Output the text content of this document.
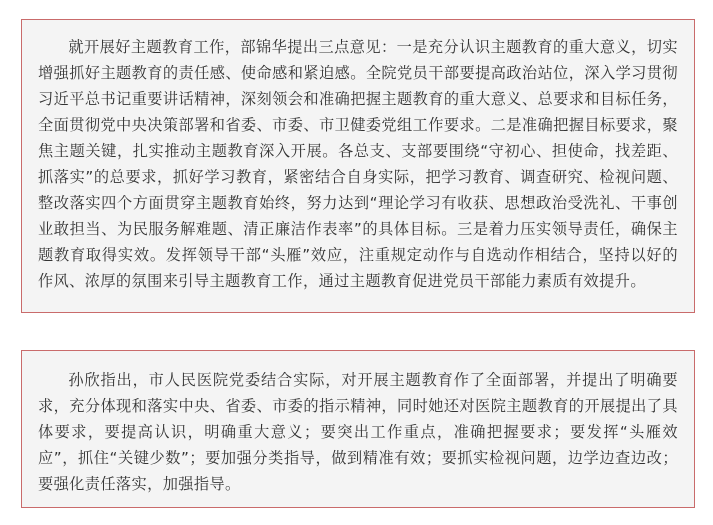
就开展好主题教育工作，部锦华提出三点意见：一是充分认识主题教育的重大意义，切实增强抓好主题教育的责任感、使命感和紧迫感。全院党员干部要提高政治站位，深入学习贯彻习近平总书记重要讲话精神，深刻领会和准确把握主题教育的重大意义、总要求和目标任务，全面贯彻党中央决策部署和省委、市委、市卫健委党组工作要求。二是准确把握目标要求，聚焦主题关键，扎实推动主题教育深入开展。各总支、支部要围绕“守初心、担使命，找差距、抓落实”的总要求，抓好学习教育，紧密结合自身实际，把学习教育、调查研究、检视问题、整改落实四个方面贯穿主题教育始终，努力达到“理论学习有收获、思想政治受洗礼、干事创业敢担当、为民服务解难题、清正廉洁作表率”的具体目标。三是着力压实领导责任，确保主题教育取得实效。发挥领导干部“头雁”效应，注重规定动作与自选动作相结合，坚持以好的作风、浓厚的氛围来引导主题教育工作，通过主题教育促进党员干部能力素质有效提升。

孙欣指出，市人民医院党委结合实际，对开展主题教育作了全面部署，并提出了明确要求，充分体现和落实中央、省委、市委的指示精神，同时她还对医院主题教育的开展提出了具体要求，要提高认识，明确重大意义；要突出工作重点，准确把握要求；要发挥“头雁效应”，抓住“关键少数”；要加强分类指导，做到精准有效；要抓实检视问题，边学边查边改；要强化责任落实，加强指导。
